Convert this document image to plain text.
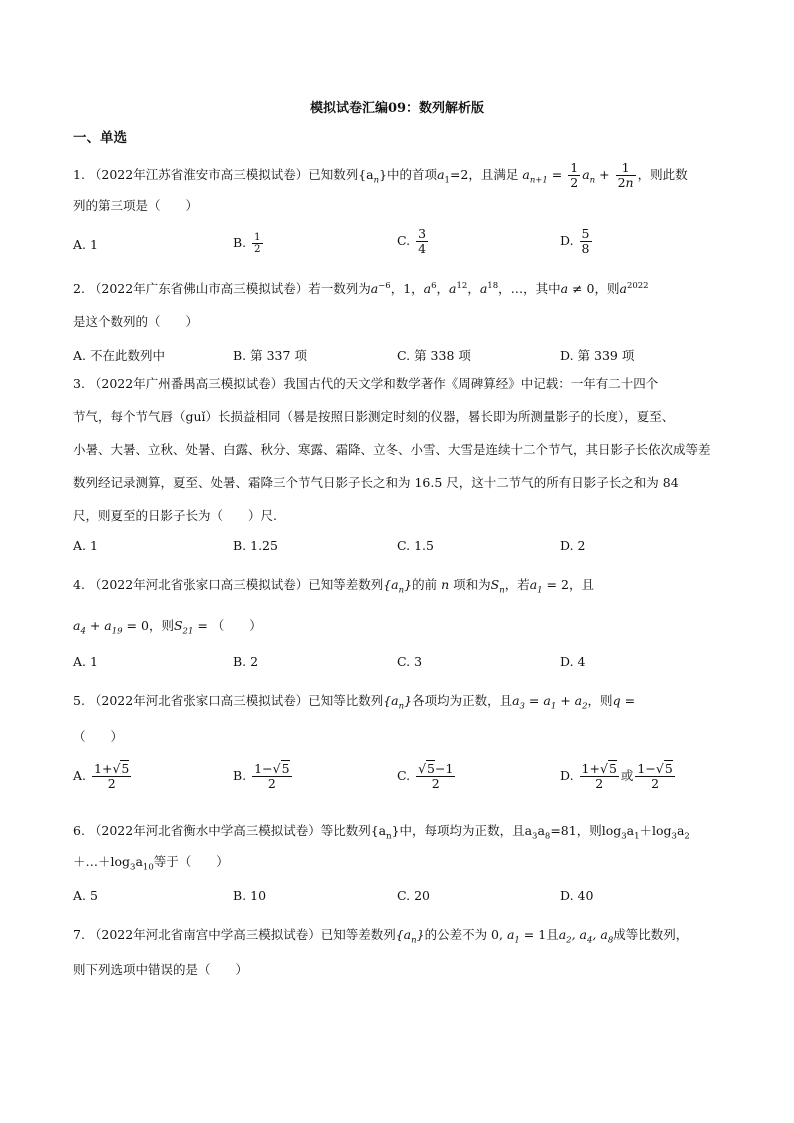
模拟试卷汇编09：数列解析版
一、单选
1. （2022年江苏省淮安市高三模拟试卷）已知数列$\{a_n\}$中的首项$a_1=2$，且满足 $a_{n+1} = \frac{1}{2} a_n + \frac{1}{2n}$ ，则此数
列的第三项是（　　）
A. 1	B. $\frac{1}{2}$	C. $\frac{3}{4}$	D. $\frac{5}{8}$
2. （2022年广东省佛山市高三模拟试卷）若一数列为$a^{-6}$，1，$a^6$，$a^{12}$，$a^{18}$，…，其中a ≠ 0，则$a^{2022}$
是这个数列的（　　）
A. 不在此数列中	B. 第 337 项	C. 第 338 项	D. 第 339 项
3. （2022年广州番禺高三模拟试卷）我国古代的天文学和数学著作《周碑算经》中记载：一年有二十四个
节气，每个节气唇（guǐ）长损益相同（晷是按照日影测定时刻的仪器，晷长即为所测量影子的长度），夏至、
小暑、大暑、立秋、处暑、白露、秋分、寒露、霜降、立冬、小雪、大雪是连续十二个节气，其日影子长依次成等差
数列经记录测算，夏至、处暑、霜降三个节气日影子长之和为 16.5 尺，这十二节气的所有日影子长之和为 84
尺，则夏至的日影子长为（　　）尺.
A. 1	B. 1.25	C. 1.5	D. 2
4. （2022年河北省张家口高三模拟试卷）已知等差数列$\{a_n\}$的前 n 项和为$S_n$，若$a_1 = 2$，且
$a_4 + a_{19} = 0$，则$S_{21}$ = （　　）
A. 1	B. 2	C. 3	D. 4
5. （2022年河北省张家口高三模拟试卷）已知等比数列$\{a_n\}$各项均为正数，且$a_3 = a_1 + a_2$，则q =
（　　）
A. $\frac{1+√5}{2}$	B. $\frac{1-√5}{2}$	C. $\frac{√5-1}{2}$	D. $\frac{1+√5}{2}$ 或 $\frac{1-√5}{2}$
6. （2022年河北省衡水中学高三模拟试卷）等比数列$\{a_n\}$中，每项均为正数，且$a_3a_8=81$，则$\log_3a_1+\log_3a_2$
$+\dots+\log_3a_{10}$等于（　　）
A. 5	B. 10	C. 20	D. 40
7. （2022年河北省南宫中学高三模拟试卷）已知等差数列$\{a_n\}$的公差不为 0, $a_1 = 1$且$a_2$, $a_4$, $a_8$成等比数列，
则下列选项中错误的是（　　）
